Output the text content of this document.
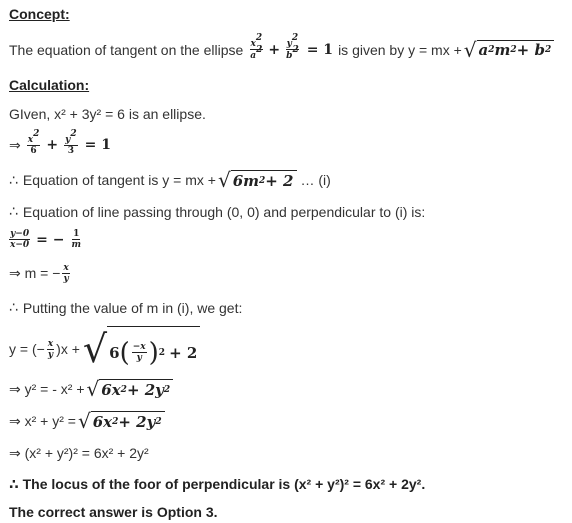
Concept:
The equation of tangent on the ellipse $\frac{x^2}{a^2} + \frac{y^2}{b^2} = 1$ is given by y = mx + √ a 2 m 2 + b 2
Calculation:
GIven, x² + 3y² = 6 is an ellipse.
⇒ $\frac{x^2}{6} + \frac{y^2}{3} = 1$
∴ Equation of tangent is y = mx + √ 6m 2 + 2 … (i)
∴ Equation of line passing through (0, 0) and perpendicular to (i) is:
$\frac{y-0}{x-0}$ = − $\frac{1}{m}$
⇒ m = − $\frac{x}{y}$
∴ Putting the value of m in (i), we get:
y = (− $\frac{x}{y} )x$ + √ 6 ( $\frac{-x}{y}$ ) 2 + 2
⇒ y² = - x² + √ 6x 2 + 2y 2
⇒ x² + y² = √ 6x 2 + 2y 2
⇒ (x² + y²)² = 6x² + 2y²
∴ The locus of the foor of perpendicular is (x² + y²)² = 6x² + 2y².
The correct answer is Option 3.
